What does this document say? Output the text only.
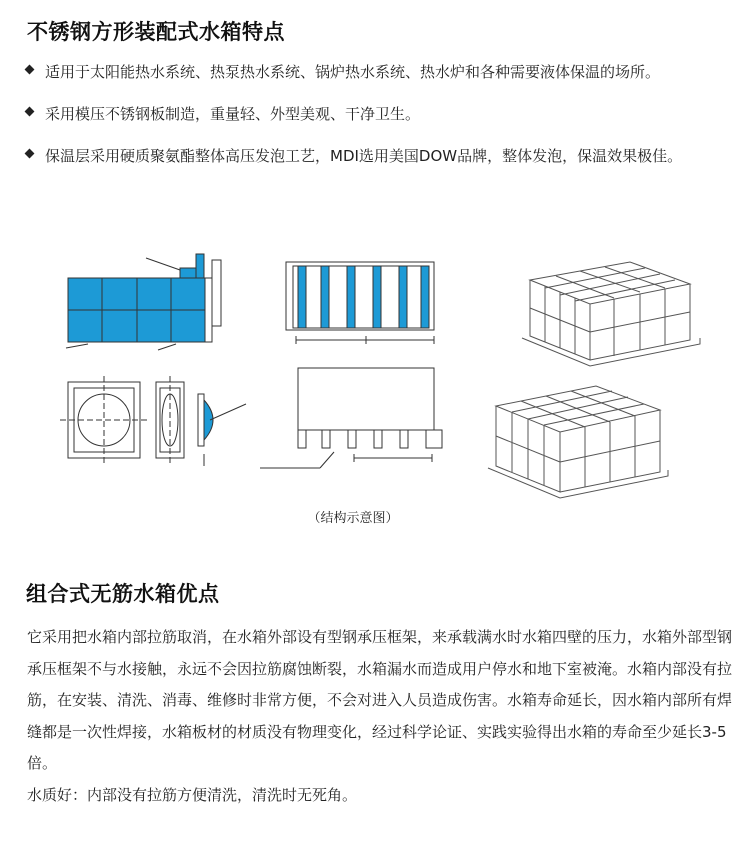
不锈钢方形装配式水箱特点
适用于太阳能热水系统、热泵热水系统、锅炉热水系统、热水炉和各种需要液体保温的场所。
采用模压不锈钢板制造，重量轻、外型美观、干净卫生。
保温层采用硬质聚氨酯整体高压发泡工艺，MDI选用美国DOW品牌，整体发泡，保温效果极佳。
（结构示意图）
组合式无筋水箱优点

它采用把水箱内部拉筋取消，在水箱外部设有型钢承压框架，来承载满水时水箱四壁的压力，水箱外部型钢承压框架不与水接触，永远不会因拉筋腐蚀断裂，水箱漏水而造成用户停水和地下室被淹。水箱内部没有拉筋，在安装、清洗、消毒、维修时非常方便，不会对进入人员造成伤害。水箱寿命延长，因水箱内部所有焊缝都是一次性焊接，水箱板材的材质没有物理变化，经过科学论证、实践实验得出水箱的寿命至少延长3-5倍。

水质好：内部没有拉筋方便清洗，清洗时无死角。
